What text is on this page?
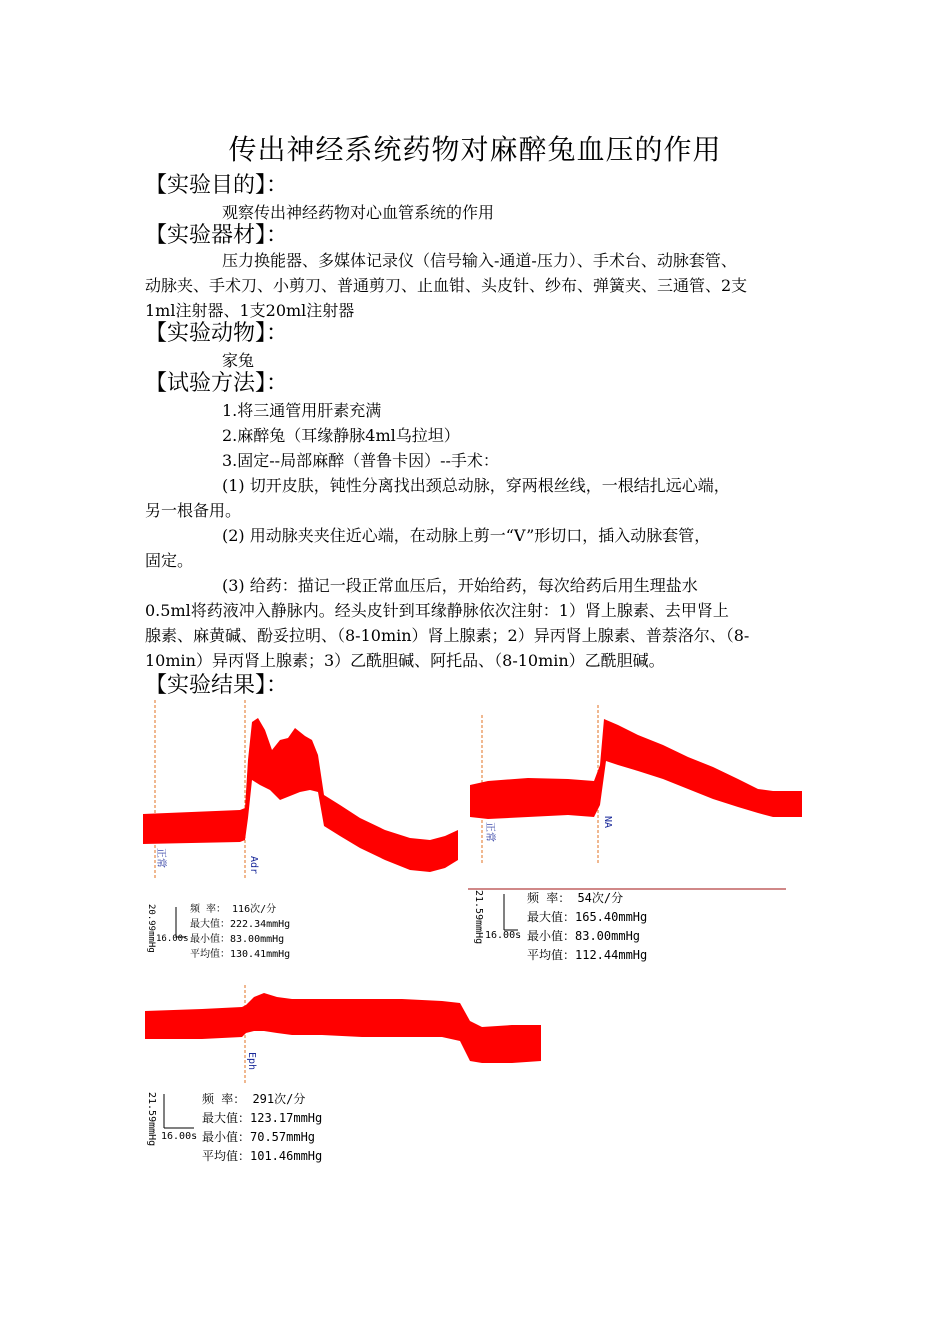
传出神经系统药物对麻醉兔血压的作用
【实验目的】：
观察传出神经药物对心血管系统的作用
【实验器材】：
压力换能器、多媒体记录仪（信号输入-通道-压力）、手术台、动脉套管、
动脉夹、手术刀、小剪刀、普通剪刀、止血钳、头皮针、纱布、弹簧夹、三通管、2支
1ml注射器、1支20ml注射器
【实验动物】：
家兔
【试验方法】：
1.将三通管用肝素充满
2.麻醉兔（耳缘静脉4ml乌拉坦）
3.固定--局部麻醉（普鲁卡因）--手术：
(1) 切开皮肤，钝性分离找出颈总动脉，穿两根丝线，一根结扎远心端，
另一根备用。
(2) 用动脉夹夹住近心端，在动脉上剪一“V”形切口，插入动脉套管，
固定。
(3) 给药：描记一段正常血压后，开始给药，每次给药后用生理盐水
0.5ml将药液冲入静脉内。经头皮针到耳缘静脉依次注射：1）肾上腺素、去甲肾上
腺素、麻黄碱、酚妥拉明、（8-10min）肾上腺素；2）异丙肾上腺素、普萘洛尔、（8-
10min）异丙肾上腺素；3）乙酰胆碱、阿托品、（8-10min）乙酰胆碱。
【实验结果】：
正常	Adr
20.99mmHg 16.00s
频 率： 116次/分
最大值：222.34mmHg
最小值：83.00mmHg
平均值：130.41mmHg
正常	NA
21.59mmHg 16.00s
频 率： 54次/分
最大值：165.40mmHg
最小值：83.00mmHg
平均值：112.44mmHg
Eph
21.59mmHg 16.00s
频 率： 291次/分
最大值：123.17mmHg
最小值：70.57mmHg
平均值：101.46mmHg
